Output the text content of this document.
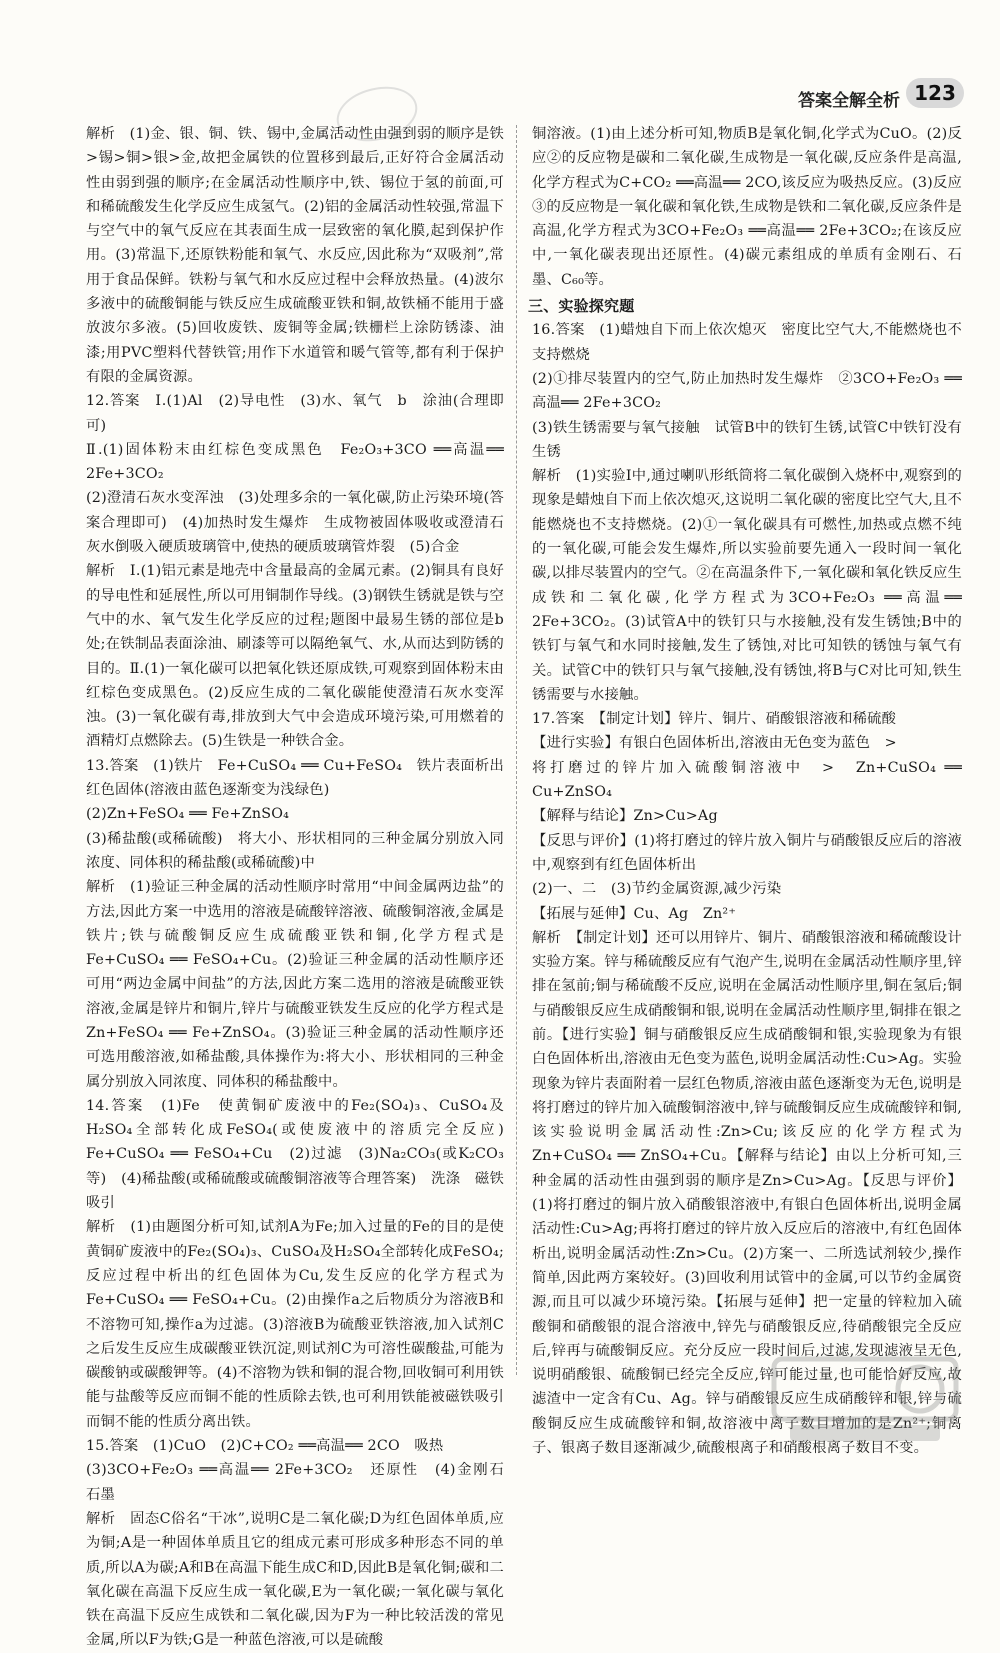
答案全解全析 123

解析　(1)金、银、铜、铁、锡中,金属活动性由强到弱的顺序是铁>锡>铜>银>金,故把金属铁的位置移到最后,正好符合金属活动性由弱到强的顺序;在金属活动性顺序中,铁、锡位于氢的前面,可和稀硫酸发生化学反应生成氢气。(2)铝的金属活动性较强,常温下与空气中的氧气反应在其表面生成一层致密的氧化膜,起到保护作用。(3)常温下,还原铁粉能和氧气、水反应,因此称为“双吸剂”,常用于食品保鲜。铁粉与氧气和水反应过程中会释放热量。(4)波尔多液中的硫酸铜能与铁反应生成硫酸亚铁和铜,故铁桶不能用于盛放波尔多液。(5)回收废铁、废铜等金属;铁栅栏上涂防锈漆、油漆;用PVC塑料代替铁管;用作下水道管和暖气管等,都有利于保护有限的金属资源。

12.答案　Ⅰ.(1)Al　(2)导电性　(3)水、氧气　b　涂油(合理即可)

Ⅱ.(1)固体粉末由红棕色变成黑色　Fe₂O₃+3CO ══高温══ 2Fe+3CO₂

(2)澄清石灰水变浑浊　(3)处理多余的一氧化碳,防止污染环境(答案合理即可)　(4)加热时发生爆炸　生成物被固体吸收或澄清石灰水倒吸入硬质玻璃管中,使热的硬质玻璃管炸裂　(5)合金

解析　Ⅰ.(1)铝元素是地壳中含量最高的金属元素。(2)铜具有良好的导电性和延展性,所以可用铜制作导线。(3)钢铁生锈就是铁与空气中的水、氧气发生化学反应的过程;题图中最易生锈的部位是b处;在铁制品表面涂油、刷漆等可以隔绝氧气、水,从而达到防锈的目的。Ⅱ.(1)一氧化碳可以把氧化铁还原成铁,可观察到固体粉末由红棕色变成黑色。(2)反应生成的二氧化碳能使澄清石灰水变浑浊。(3)一氧化碳有毒,排放到大气中会造成环境污染,可用燃着的酒精灯点燃除去。(5)生铁是一种铁合金。

13.答案　(1)铁片　Fe+CuSO₄ ══ Cu+FeSO₄　铁片表面析出红色固体(溶液由蓝色逐渐变为浅绿色)

(2)Zn+FeSO₄ ══ Fe+ZnSO₄

(3)稀盐酸(或稀硫酸)　将大小、形状相同的三种金属分别放入同浓度、同体积的稀盐酸(或稀硫酸)中

解析　(1)验证三种金属的活动性顺序时常用“中间金属两边盐”的方法,因此方案一中选用的溶液是硫酸锌溶液、硫酸铜溶液,金属是铁片;铁与硫酸铜反应生成硫酸亚铁和铜,化学方程式是Fe+CuSO₄ ══ FeSO₄+Cu。(2)验证三种金属的活动性顺序还可用“两边金属中间盐”的方法,因此方案二选用的溶液是硫酸亚铁溶液,金属是锌片和铜片,锌片与硫酸亚铁发生反应的化学方程式是Zn+FeSO₄ ══ Fe+ZnSO₄。(3)验证三种金属的活动性顺序还可选用酸溶液,如稀盐酸,具体操作为:将大小、形状相同的三种金属分别放入同浓度、同体积的稀盐酸中。

14.答案　(1)Fe　使黄铜矿废液中的Fe₂(SO₄)₃、CuSO₄及H₂SO₄全部转化成FeSO₄(或使废液中的溶质完全反应)　Fe+CuSO₄ ══ FeSO₄+Cu　(2)过滤　(3)Na₂CO₃(或K₂CO₃等)　(4)稀盐酸(或稀硫酸或硫酸铜溶液等合理答案)　洗涤　磁铁吸引

解析　(1)由题图分析可知,试剂A为Fe;加入过量的Fe的目的是使黄铜矿废液中的Fe₂(SO₄)₃、CuSO₄及H₂SO₄全部转化成FeSO₄;反应过程中析出的红色固体为Cu,发生反应的化学方程式为Fe+CuSO₄ ══ FeSO₄+Cu。(2)由操作a之后物质分为溶液B和不溶物可知,操作a为过滤。(3)溶液B为硫酸亚铁溶液,加入试剂C之后发生反应生成碳酸亚铁沉淀,则试剂C为可溶性碳酸盐,可能为碳酸钠或碳酸钾等。(4)不溶物为铁和铜的混合物,回收铜可利用铁能与盐酸等反应而铜不能的性质除去铁,也可利用铁能被磁铁吸引而铜不能的性质分离出铁。

15.答案　(1)CuO　(2)C+CO₂ ══高温══ 2CO　吸热

(3)3CO+Fe₂O₃ ══高温══ 2Fe+3CO₂　还原性　(4)金刚石　石墨

解析　固态C俗名“干冰”,说明C是二氧化碳;D为红色固体单质,应为铜;A是一种固体单质且它的组成元素可形成多种形态不同的单质,所以A为碳;A和B在高温下能生成C和D,因此B是氧化铜;碳和二氧化碳在高温下反应生成一氧化碳,E为一氧化碳;一氧化碳与氧化铁在高温下反应生成铁和二氧化碳,因为F为一种比较活泼的常见金属,所以F为铁;G是一种蓝色溶液,可以是硫酸

铜溶液。(1)由上述分析可知,物质B是氧化铜,化学式为CuO。(2)反应②的反应物是碳和二氧化碳,生成物是一氧化碳,反应条件是高温,化学方程式为C+CO₂ ══高温══ 2CO,该反应为吸热反应。(3)反应③的反应物是一氧化碳和氧化铁,生成物是铁和二氧化碳,反应条件是高温,化学方程式为3CO+Fe₂O₃ ══高温══ 2Fe+3CO₂;在该反应中,一氧化碳表现出还原性。(4)碳元素组成的单质有金刚石、石墨、C₆₀等。

三、实验探究题

16.答案　(1)蜡烛自下而上依次熄灭　密度比空气大,不能燃烧也不支持燃烧

(2)①排尽装置内的空气,防止加热时发生爆炸　②3CO+Fe₂O₃ ══高温══ 2Fe+3CO₂

(3)铁生锈需要与氧气接触　试管B中的铁钉生锈,试管C中铁钉没有生锈

解析　(1)实验Ⅰ中,通过喇叭形纸筒将二氧化碳倒入烧杯中,观察到的现象是蜡烛自下而上依次熄灭,这说明二氧化碳的密度比空气大,且不能燃烧也不支持燃烧。(2)①一氧化碳具有可燃性,加热或点燃不纯的一氧化碳,可能会发生爆炸,所以实验前要先通入一段时间一氧化碳,以排尽装置内的空气。②在高温条件下,一氧化碳和氧化铁反应生成铁和二氧化碳,化学方程式为3CO+Fe₂O₃ ══高温══ 2Fe+3CO₂。(3)试管A中的铁钉只与水接触,没有发生锈蚀;B中的铁钉与氧气和水同时接触,发生了锈蚀,对比可知铁的锈蚀与氧气有关。试管C中的铁钉只与氧气接触,没有锈蚀,将B与C对比可知,铁生锈需要与水接触。

17.答案　【制定计划】锌片、铜片、硝酸银溶液和稀硫酸

【进行实验】有银白色固体析出,溶液由无色变为蓝色　>

将打磨过的锌片加入硫酸铜溶液中　>　Zn+CuSO₄ ══ Cu+ZnSO₄

【解释与结论】Zn>Cu>Ag

【反思与评价】(1)将打磨过的锌片放入铜片与硝酸银反应后的溶液中,观察到有红色固体析出

(2)一、二　(3)节约金属资源,减少污染

【拓展与延伸】Cu、Ag　Zn²⁺

解析　【制定计划】还可以用锌片、铜片、硝酸银溶液和稀硫酸设计实验方案。锌与稀硫酸反应有气泡产生,说明在金属活动性顺序里,锌排在氢前;铜与稀硫酸不反应,说明在金属活动性顺序里,铜在氢后;铜与硝酸银反应生成硝酸铜和银,说明在金属活动性顺序里,铜排在银之前。【进行实验】铜与硝酸银反应生成硝酸铜和银,实验现象为有银白色固体析出,溶液由无色变为蓝色,说明金属活动性:Cu>Ag。实验现象为锌片表面附着一层红色物质,溶液由蓝色逐渐变为无色,说明是将打磨过的锌片加入硫酸铜溶液中,锌与硫酸铜反应生成硫酸锌和铜,该实验说明金属活动性:Zn>Cu;该反应的化学方程式为Zn+CuSO₄ ══ ZnSO₄+Cu。【解释与结论】由以上分析可知,三种金属的活动性由强到弱的顺序是Zn>Cu>Ag。【反思与评价】(1)将打磨过的铜片放入硝酸银溶液中,有银白色固体析出,说明金属活动性:Cu>Ag;再将打磨过的锌片放入反应后的溶液中,有红色固体析出,说明金属活动性:Zn>Cu。(2)方案一、二所选试剂较少,操作简单,因此两方案较好。(3)回收利用试管中的金属,可以节约金属资源,而且可以减少环境污染。【拓展与延伸】把一定量的锌粒加入硫酸铜和硝酸银的混合溶液中,锌先与硝酸银反应,待硝酸银完全反应后,锌再与硫酸铜反应。充分反应一段时间后,过滤,发现滤液呈无色,说明硝酸银、硫酸铜已经完全反应,锌可能过量,也可能恰好反应,故滤渣中一定含有Cu、Ag。锌与硝酸银反应生成硝酸锌和银,锌与硫酸铜反应生成硫酸锌和铜,故溶液中离子数目增加的是Zn²⁺;铜离子、银离子数目逐渐减少,硫酸根离子和硝酸根离子数目不变。
